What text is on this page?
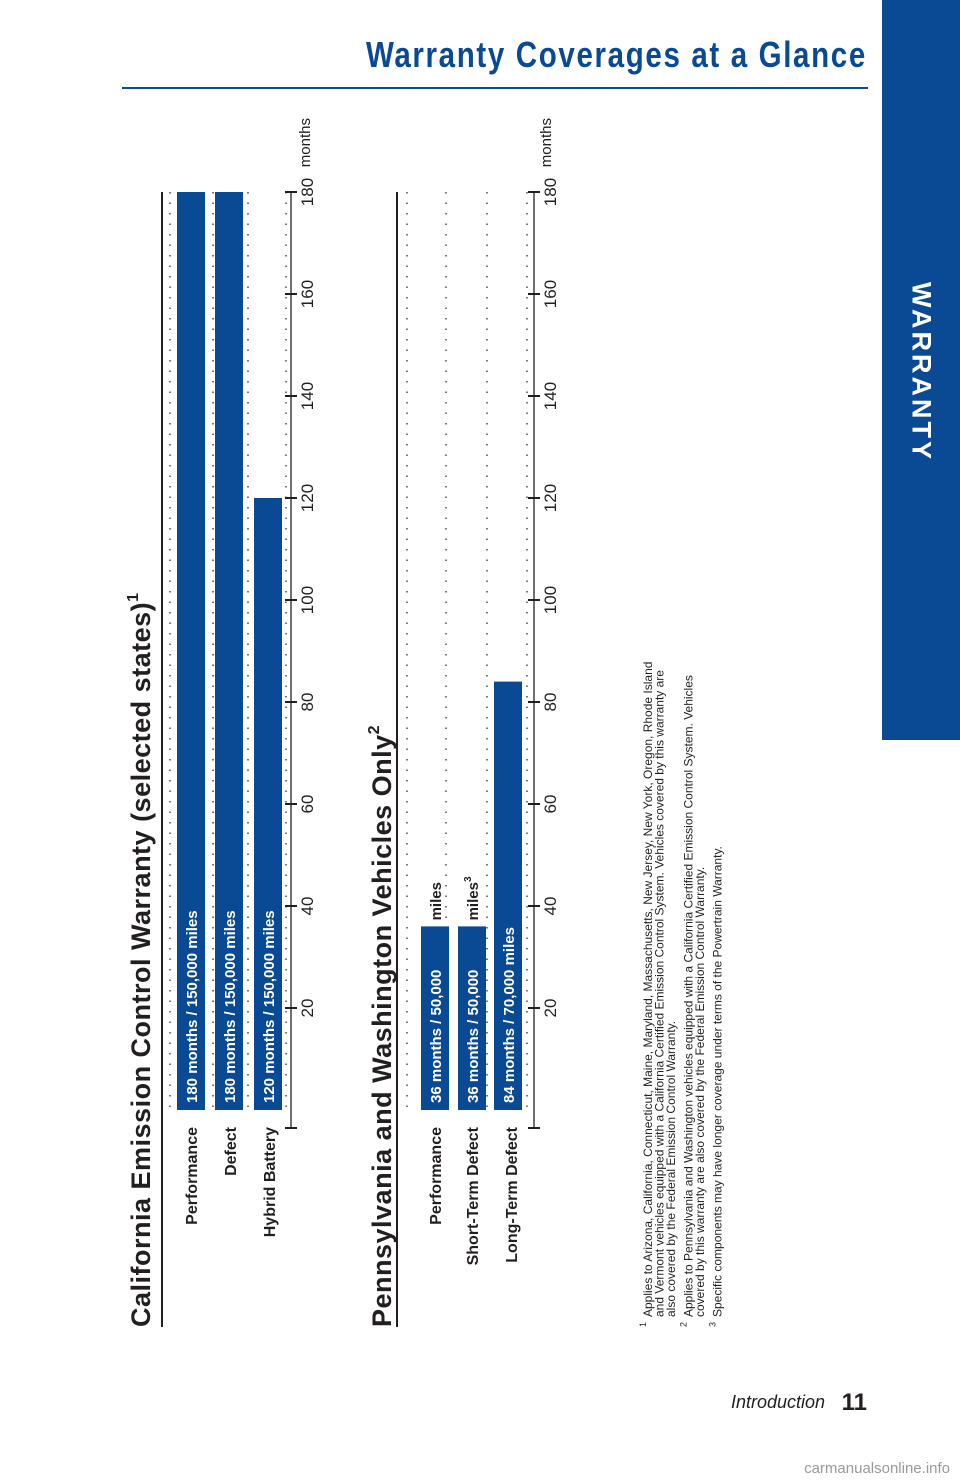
Warranty Coverages at a Glance
WARRANTY
California Emission Control Warranty (selected states)$^1$
20
40
60
80
100
120
140
160
180
months
180 months / 150,000 miles
Performance
180 months / 150,000 miles
Defect
120 months / 150,000 miles
Hybrid Battery	Pennsylvania and Washington Vehicles Only$^2$
20
40
60
80
100
120
140
160
180
months
36 months / 50,000
miles
Performance
36 months / 50,000
miles$^3$
Short-Term Defect
84 months / 70,000 miles
Long-Term Defect
1
Applies to Arizona, California, Connecticut, Maine, Maryland, Massachusetts, New Jersey, New York, Oregon, Rhode Island
and Vermont vehicles equipped with a California Certified Emission Control System. Vehicles covered by this warranty are
also covered by the Federal Emission Control Warranty.
2
Applies to Pennsylvania and Washington vehicles equipped with a California Certified Emission Control System. Vehicles
covered by this warranty are also covered by the Federal Emission Control Warranty.
3
Specific components may have longer coverage under terms of the Powertrain Warranty.
Introduction 11
carmanualsonline.info
